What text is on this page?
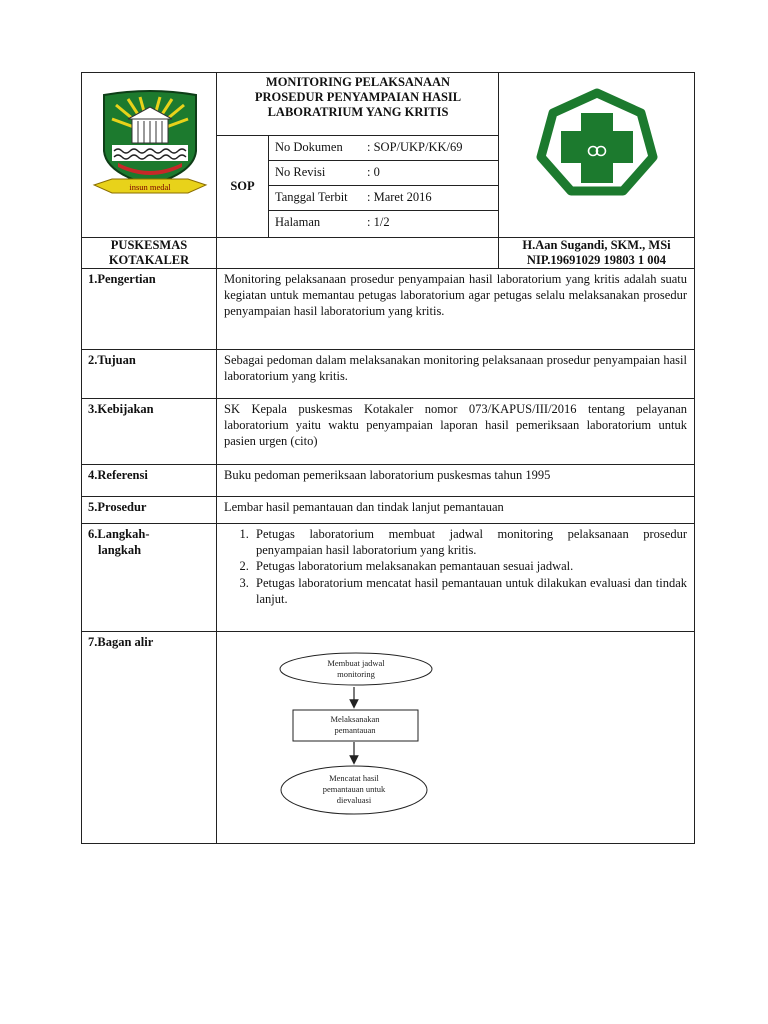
insun medal
MONITORING PELAKSANAAN
PROSEDUR PENYAMPAIAN HASIL
LABORATRIUM YANG KRITIS
SOP
No Dokumen : SOP/UKP/KK/69
No Revisi	: 0
Tanggal Terbit : Maret 2016
Halaman	: 1/2
PUSKESMAS
KOTAKALER
H.Aan Sugandi, SKM., MSi
NIP.19691029 19803 1 004
1.Pengertian	Monitoring pelaksanaan prosedur penyampaian hasil laboratorium yang kritis adalah suatu kegiatan untuk memantau petugas laboratorium agar petugas selalu melaksanakan prosedur penyampaian hasil laboratorium yang kritis.
2.Tujuan	Sebagai pedoman dalam melaksanakan monitoring pelaksanaan prosedur penyampaian hasil laboratorium yang kritis.
3.Kebijakan	SK Kepala puskesmas Kotakaler nomor 073/KAPUS/III/2016 tentang pelayanan laboratorium yaitu waktu penyampaian laporan hasil pemeriksaan laboratorium untuk pasien urgen (cito)
4.Referensi	Buku pedoman pemeriksaan laboratorium puskesmas tahun 1995
5.Prosedur	Lembar hasil pemantauan dan tindak lanjut pemantauan
6.Langkah-
langkah
1. Petugas laboratorium membuat jadwal monitoring pelaksanaan prosedur penyampaian hasil laboratorium yang kritis.
2. Petugas laboratorium melaksanakan pemantauan sesuai jadwal.
3. Petugas laboratorium mencatat hasil pemantauan untuk dilakukan evaluasi dan tindak lanjut.
7.Bagan alir
Membuat jadwal
monitoring
Melaksanakan
pemantauan
Mencatat hasil
pemantauan untuk
dievaluasi
